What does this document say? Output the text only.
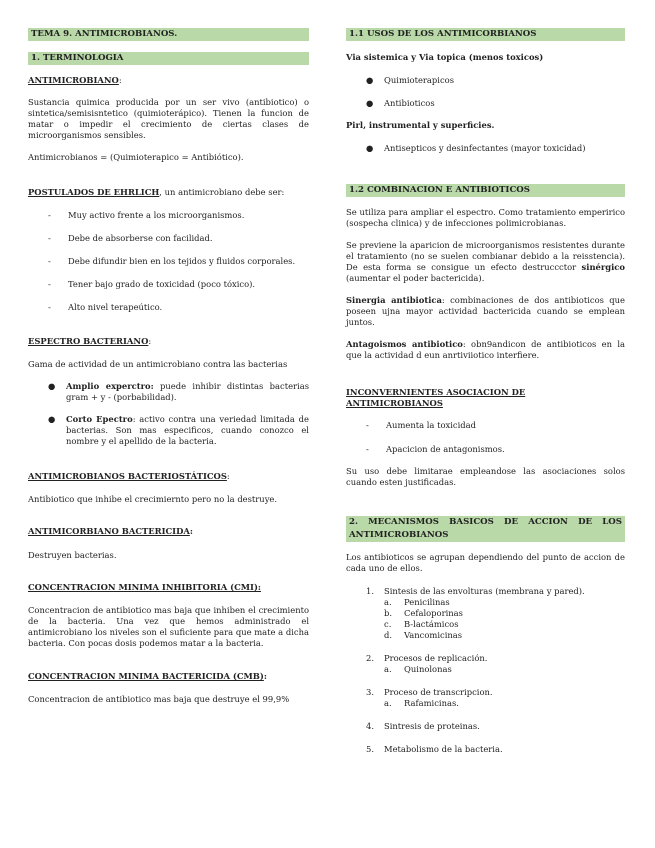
TEMA 9. ANTIMICROBIANOS.
1. TERMINOLOGIA

ANTIMICROBIANO:

Sustancia quimica producida por un ser vivo (antibiotico) o sintetica/semisisntetico (quimioterápico). Tienen la funcion de matar o impedir el crecimiento de ciertas clases de microorganismos sensibles.

Antimicrobianos = (Quimioterapico = Antibiótico).

POSTULADOS DE EHRLICH, un antimicrobiano debe ser:

- Muy activo frente a los microorganismos.
- Debe de absorberse con facilidad.
- Debe difundir bien en los tejidos y fluidos corporales.
- Tener bajo grado de toxicidad (poco tóxico).
- Alto nivel terapeútico.

ESPECTRO BACTERIANO:

Gama de actividad de un antimicrobiano contra las bacterias

● Amplio experctro: puede inhibir distintas bacterias gram + y - (porbabilidad).
● Corto Epectro: activo contra una veriedad limitada de bacterias. Son mas especificos, cuando conozco el nombre y el apellido de la bacteria.

ANTIMICROBIANOS BACTERIOSTÁTICOS:

Antibiotico que inhibe el crecimiernto pero no la destruye.

ANTIMICORBIANO BACTERICIDA:

Destruyen bacterias.

CONCENTRACION MINIMA INHIBITORIA (CMI):

Concentracion de antibiotico mas baja que inhiben el crecimiento de la bacteria. Una vez que hemos administrado el antimicrobiano los niveles son el suficiente para que mate a dicha bacteria. Con pocas dosis podemos matar a la bacteria.

CONCENTRACION MINIMA BACTERICIDA (CMB):

Concentracion de antibiotico mas baja que destruye el 99,9%

1.1 USOS DE LOS ANTIMICORBIANOS

Via sistemica y Via topica (menos toxicos)

● Quimioterapicos
● Antibioticos

Pirl, instrumental y superficies.

● Antisepticos y desinfectantes (mayor toxicidad)
1.2 COMBINACION E ANTIBIOTICOS

Se utiliza para ampliar el espectro. Como tratamiento emperirico (sospecha clinica) y de infecciones polimicrobianas.

Se previene la aparicion de microorganismos resistentes durante el tratamiento (no se suelen combianar debido a la reisstencia). De esta forma se consigue un efecto destruccctor sinérgico (aumentar el poder bactericida).

Sinergia antibiotica: combinaciones de dos antibioticos que poseen ujna mayor actividad bactericida cuando se emplean juntos.

Antagoismos antibiotico: obn9andicon de antibioticos en la que la actividad d eun anrtiviiotico interfiere.

INCONVERNIENTES ASOCIACION DE ANTIMICROBIANOS

- Aumenta la toxicidad
- Apacicion de antagonismos.

Su uso debe limitarae empleandose las asociaciones solos cuando esten justificadas.

2. MECANISMOS BASICOS DE ACCION DE LOS ANTIMICROBIANOS

Los antibioticos se agrupan dependiendo del punto de accion de cada uno de ellos.

1. Sintesis de las envolturas (membrana y pared).
a. Penicilinas
b. Cefaloporinas
c. B-lactámicos
d. Vancomicinas
2. Procesos de replicación.
a. Quinolonas
3. Proceso de transcripcion.
a. Rafamicinas.
4. Sintresis de proteinas.
5. Metabolismo de la bacteria.
